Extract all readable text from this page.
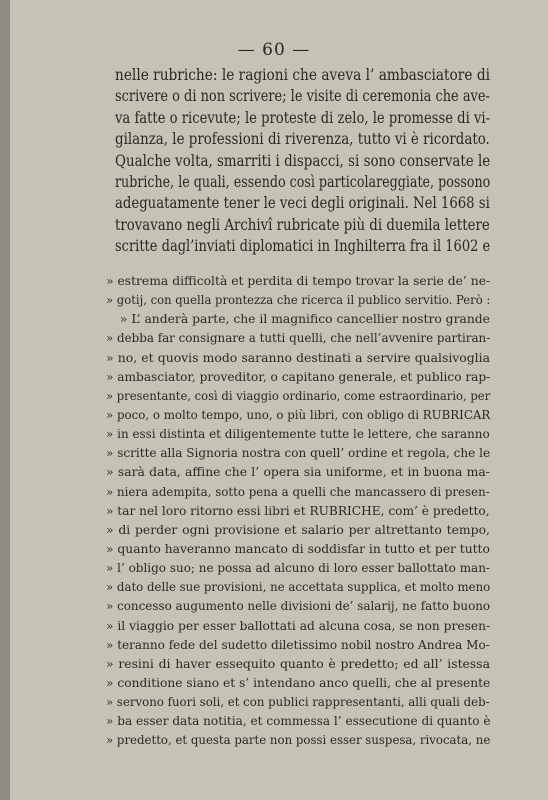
— 60 —
nelle rubriche: le ragioni che aveva l’ ambasciatore di
scrivere o di non scrivere; le visite di ceremonia che ave-
va fatte o ricevute; le proteste di zelo, le promesse di vi-
gilanza, le professioni di riverenza, tutto vi è ricordato.
Qualche volta, smarriti i dispacci, si sono conservate le
rubriche, le quali, essendo così particolareggiate, possono
adeguatamente tener le veci degli originali. Nel 1668 si
trovavano negli Archivî rubricate più di duemila lettere
scritte dagl’inviati diplomatici in Inghilterra fra il 1602 e
» estrema difficoltà et perdita di tempo trovar la serie de’ ne-
» gotij, con quella prontezza che ricerca il publico servitio. Però :
» L’ anderà parte, che il magnifico cancellier nostro grande
» debba far consignare a tutti quelli, che nell’avvenire partiran-
» no, et quovis modo saranno destinati a servire qualsivoglia
» ambasciator, proveditor, o capitano generale, et publico rap-
» presentante, così di viaggio ordinario, come estraordinario, per
» poco, o molto tempo, uno, o più libri, con obligo di RUBRICAR
» in essi distinta et diligentemente tutte le lettere, che saranno
» scritte alla Signoria nostra con quell’ ordine et regola, che le
» sarà data, affine che l’ opera sia uniforme, et in buona ma-
» niera adempita, sotto pena a quelli che mancassero di presen-
» tar nel loro ritorno essi libri et RUBRICHE, com’ è predetto,
» di perder ogni provisione et salario per altrettanto tempo,
» quanto haveranno mancato di soddisfar in tutto et per tutto
» l’ obligo suo; ne possa ad alcuno di loro esser ballottato man-
» dato delle sue provisioni, ne accettata supplica, et molto meno
» concesso augumento nelle divisioni de’ salarij, ne fatto buono
» il viaggio per esser ballottati ad alcuna cosa, se non presen-
» teranno fede del sudetto diletissimo nobil nostro Andrea Mo-
» resini di haver essequito quanto è predetto; ed all’ istessa
» conditione siano et s’ intendano anco quelli, che al presente
» servono fuori soli, et con publici rappresentanti, alli quali deb-
» ba esser data notitia, et commessa l’ essecutione di quanto è
» predetto, et questa parte non possi esser suspesa, rivocata, ne
